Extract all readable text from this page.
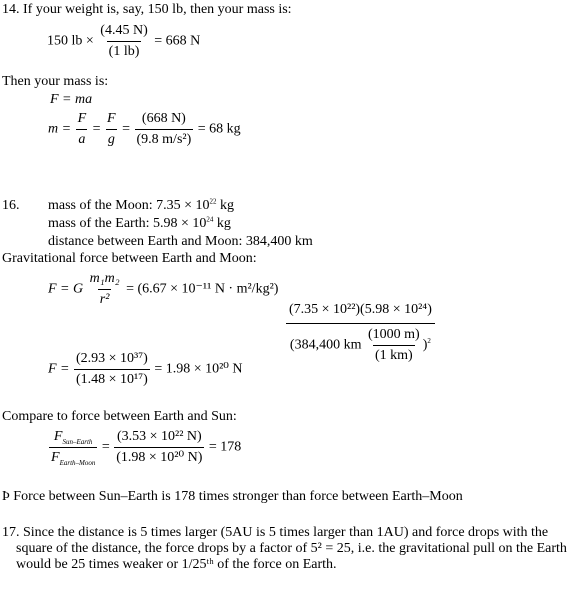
14. If your weight is, say, 150 lb, then your mass is:
150 lb × $\frac{(4.45 N)}{(1 lb)} = 668$ N
Then your mass is:
F = ma
$m = \frac{F}{a} = \frac{F}{g} = \frac{(668 N)}{\text{(9.8 m/s²)}} = 68$ kg
16. mass of the Moon: $7.35 \times 10^{22}$ kg
mass of the Earth: $5.98 \times 10^{24}$ kg
distance between Earth and Moon: 384,400 km
Gravitational force between Earth and Moon:
F = G $\frac{\text{m₁m₂}}{\text{r²}} = (6.67 \times 10^{-11}$ N · m²/kg²)
$\frac{\text{(7.35 × 10²²)(5.98 × 10²⁴)}}{(384,400 km \frac{(1000 m)}{(1 km)} )^2}$
$F = \frac{\text{(2.93 × 10³⁷)}}{\text{(1.48 × 10¹⁷)}} = 1.98 \times 10^{20}$ N
Compare to force between Earth and Sun:
$\frac{F_{Sun-Earth}}{F_{Earth-Moon}} = \frac{\text{(3.53 × 10²² N)}}{\text{(1.98 × 10²⁰ N)}} = 178$
Þ Force between Sun–Earth is 178 times stronger than force between Earth–Moon
17. Since the distance is 5 times larger (5AU is 5 times larger than 1AU) and force drops with the square of the distance, the force drops by a factor of 5² = 25, i.e. the gravitational pull on the Earth would be 25 times weaker or 1/25ᵗʰ of the force on Earth.
